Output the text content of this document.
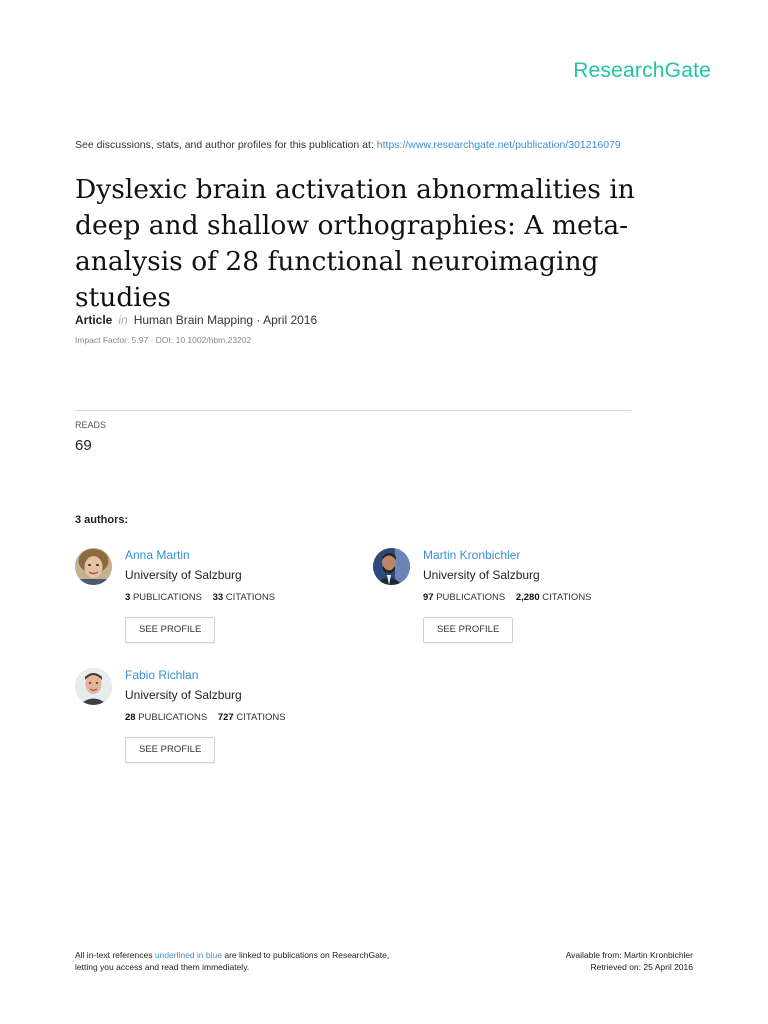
ResearchGate
See discussions, stats, and author profiles for this publication at: https://www.researchgate.net/publication/301216079
Dyslexic brain activation abnormalities in deep and shallow orthographies: A meta-analysis of 28 functional neuroimaging studies
Article in Human Brain Mapping · April 2016
Impact Factor: 5.97 · DOI: 10.1002/hbm.23202
READS
69
3 authors:
Anna Martin
University of Salzburg
3 PUBLICATIONS 33 CITATIONS
SEE PROFILE
Martin Kronbichler
University of Salzburg
97 PUBLICATIONS 2,280 CITATIONS
SEE PROFILE
Fabio Richlan
University of Salzburg
28 PUBLICATIONS 727 CITATIONS
SEE PROFILE
All in-text references underlined in blue are linked to publications on ResearchGate,
letting you access and read them immediately.
Available from: Martin Kronbichler
Retrieved on: 25 April 2016
